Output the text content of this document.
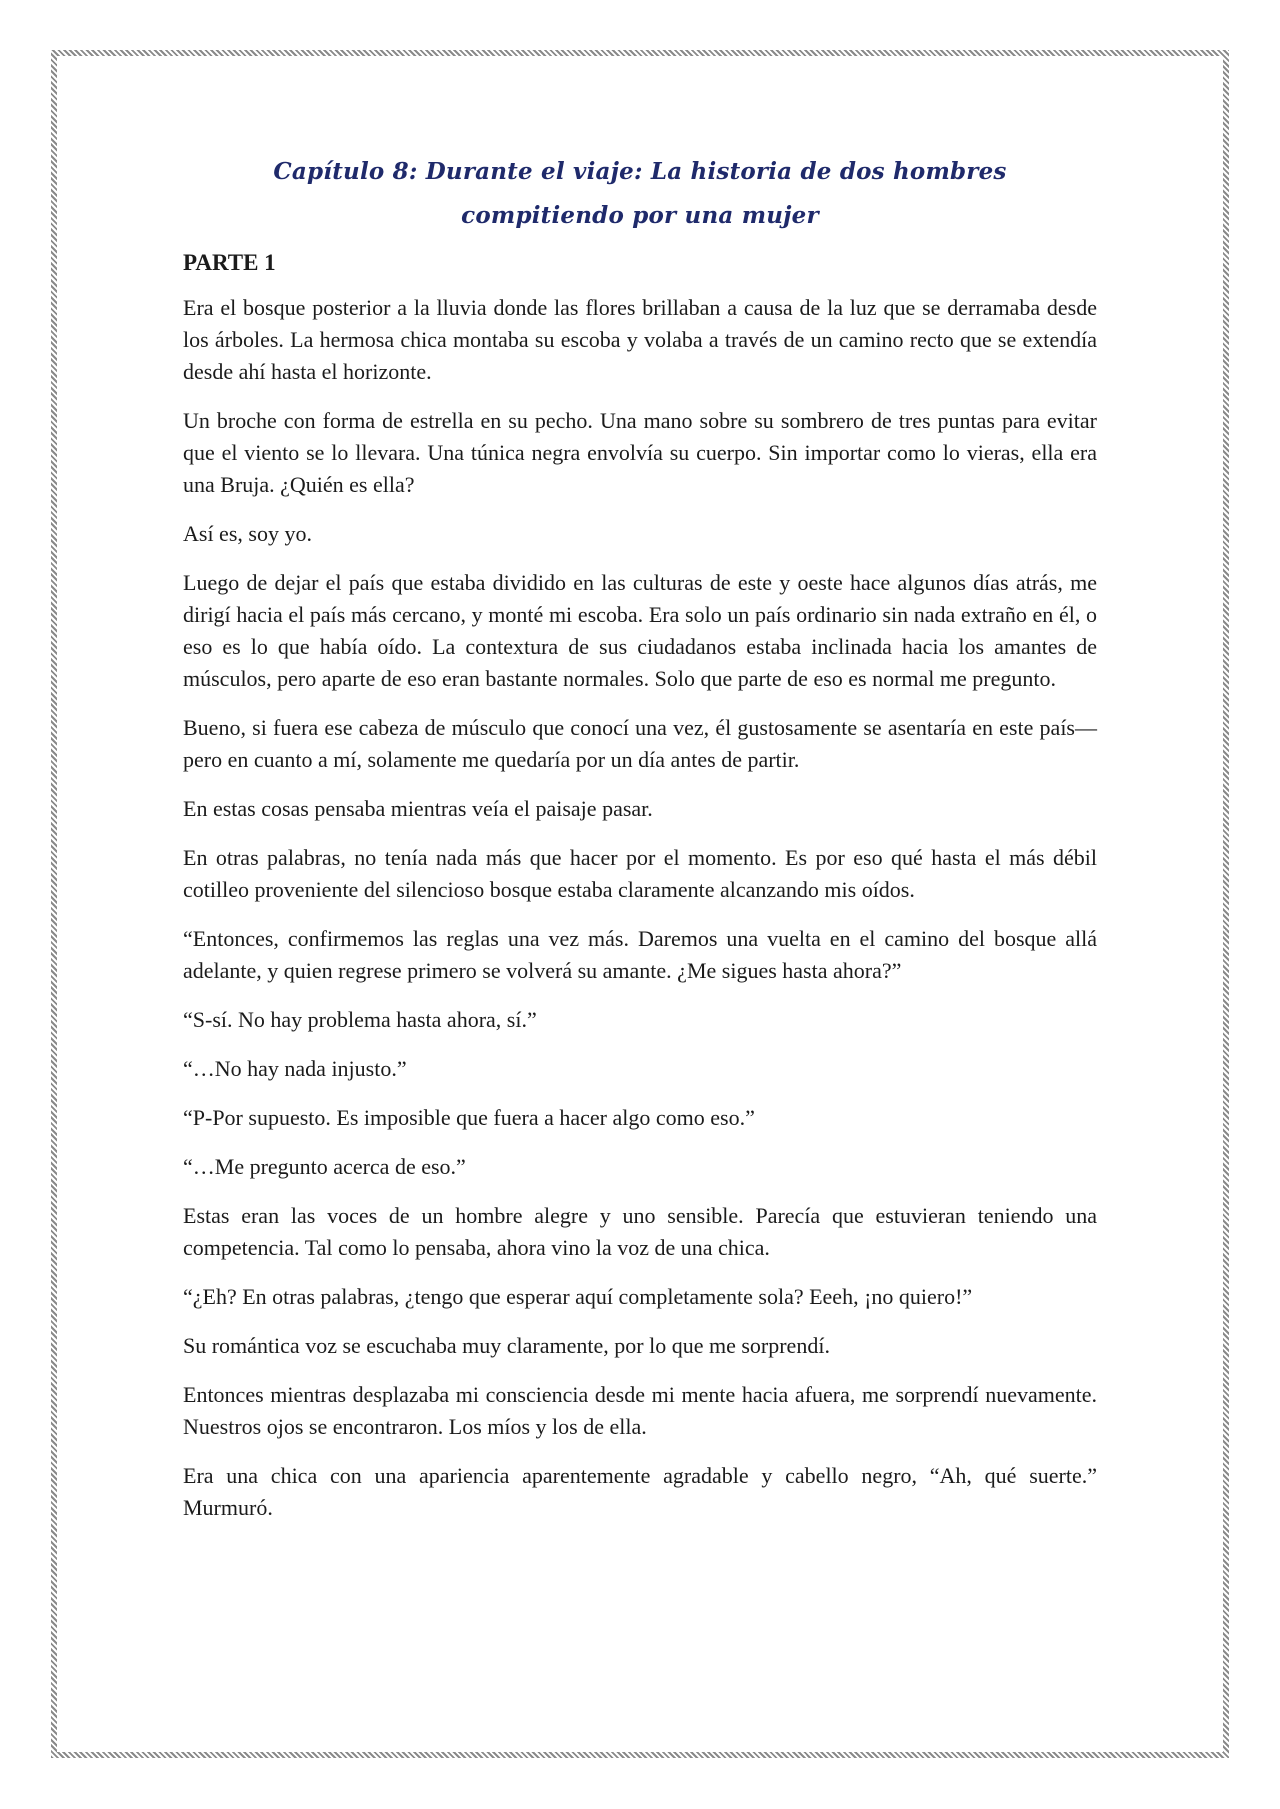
Capítulo 8: Durante el viaje: La historia de dos hombres
compitiendo por una mujer
PARTE 1

Era el bosque posterior a la lluvia donde las flores brillaban a causa de la luz que se derramaba desde los árboles. La hermosa chica montaba su escoba y volaba a través de un camino recto que se extendía desde ahí hasta el horizonte.

Un broche con forma de estrella en su pecho. Una mano sobre su sombrero de tres puntas para evitar que el viento se lo llevara. Una túnica negra envolvía su cuerpo. Sin importar como lo vieras, ella era una Bruja. ¿Quién es ella?

Así es, soy yo.

Luego de dejar el país que estaba dividido en las culturas de este y oeste hace algunos días atrás, me dirigí hacia el país más cercano, y monté mi escoba. Era solo un país ordinario sin nada extraño en él, o eso es lo que había oído. La contextura de sus ciudadanos estaba inclinada hacia los amantes de músculos, pero aparte de eso eran bastante normales. Solo que parte de eso es normal me pregunto.

Bueno, si fuera ese cabeza de músculo que conocí una vez, él gustosamente se asentaría en este país—pero en cuanto a mí, solamente me quedaría por un día antes de partir.

En estas cosas pensaba mientras veía el paisaje pasar.

En otras palabras, no tenía nada más que hacer por el momento. Es por eso qué hasta el más débil cotilleo proveniente del silencioso bosque estaba claramente alcanzando mis oídos.

“Entonces, confirmemos las reglas una vez más. Daremos una vuelta en el camino del bosque allá adelante, y quien regrese primero se volverá su amante. ¿Me sigues hasta ahora?”

“S-sí. No hay problema hasta ahora, sí.”

“…No hay nada injusto.”

“P-Por supuesto. Es imposible que fuera a hacer algo como eso.”

“…Me pregunto acerca de eso.”

Estas eran las voces de un hombre alegre y uno sensible. Parecía que estuvieran teniendo una competencia. Tal como lo pensaba, ahora vino la voz de una chica.

“¿Eh? En otras palabras, ¿tengo que esperar aquí completamente sola? Eeeh, ¡no quiero!”

Su romántica voz se escuchaba muy claramente, por lo que me sorprendí.

Entonces mientras desplazaba mi consciencia desde mi mente hacia afuera, me sorprendí nuevamente. Nuestros ojos se encontraron. Los míos y los de ella.

Era una chica con una apariencia aparentemente agradable y cabello negro, “Ah, qué suerte.” Murmuró.
